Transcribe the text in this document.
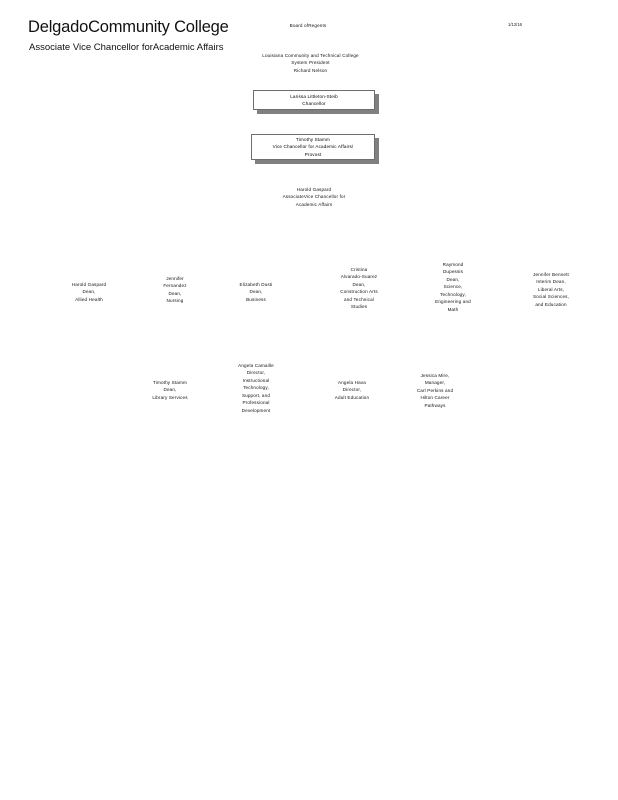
DelgadoCommunity College
Associate Vice Chancellor forAcademic Affairs
1/12/16
Board ofRegents
Louisiana Community and Technical College
System President
Richard Nelson
Larissa Littleton-Steib
Chancellor
Timothy Stamm
Vice Chancellor for Academic Affairs/
Provost
Harold Gaspard
AssociateVice Chancellor for
Academic Affairs
Harold Gaspard
Dean,
Allied Health
Jennifer
Fernandez
Dean,
Nursing
Elizabeth Dusti
Dean,
Business
Cristina
Alvarado-Suarez
Dean,
Construction Arts
and Technical
Studies
Raymond
Dupessis
Dean,
Science,
Technology,
Engineering and
Math
Jennifer Bennett
Interim Dean,
Liberal Arts,
Social Sciences,
and Education
Timothy Stamm
Dean,
Library Services
Angela Camaille
Director,
Instructional
Technology,
Support, and
Professional
Development
Angela Hava
Director,
Adult Education
Jessica Mire,
Manager,
Carl Perkins and
Hilton Career
Pathways
